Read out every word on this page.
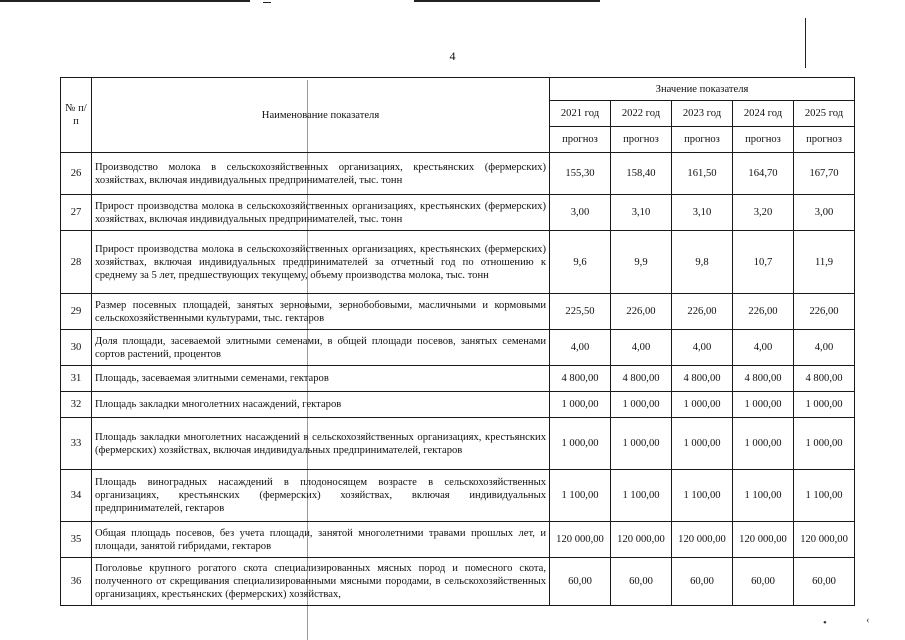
4
№ п/п	Наименование показателя	Значение показателя				
		2021 год	2022 год	2023 год	2024 год	2025 год
		прогноз	прогноз	прогноз	прогноз	прогноз
26	Производство молока в сельскохозяйственных организациях, крестьянских (фермерских) хозяйствах, включая индивидуальных предпринимателей, тыс. тонн	155,30	158,40	161,50	164,70	167,70
27	Прирост производства молока в сельскохозяйственных организациях, крестьянских (фермерских) хозяйствах, включая индивидуальных предпринимателей, тыс. тонн	3,00	3,10	3,10	3,20	3,00
28	Прирост производства молока в сельскохозяйственных организациях, крестьянских (фермерских) хозяйствах, включая индивидуальных предпринимателей за отчетный год по отношению к среднему за 5 лет, предшествующих текущему, объему производства молока, тыс. тонн	9,6	9,9	9,8	10,7	11,9
29	Размер посевных площадей, занятых зерновыми, зернобобовыми, масличными и кормовыми сельскохозяйственными культурами, тыс. гектаров	225,50	226,00	226,00	226,00	226,00
30	Доля площади, засеваемой элитными семенами, в общей площади посевов, занятых семенами сортов растений, процентов	4,00	4,00	4,00	4,00	4,00
31	Площадь, засеваемая элитными семенами, гектаров	4 800,00	4 800,00	4 800,00	4 800,00	4 800,00
32	Площадь закладки многолетних насаждений, гектаров	1 000,00	1 000,00	1 000,00	1 000,00	1 000,00
33	Площадь закладки многолетних насаждений в сельскохозяйственных организациях, крестьянских (фермерских) хозяйствах, включая индивидуальных предпринимателей, гектаров	1 000,00	1 000,00	1 000,00	1 000,00	1 000,00
34	Площадь виноградных насаждений в плодоносящем возрасте в сельскохозяйственных организациях, крестьянских (фермерских) хозяйствах, включая индивидуальных предпринимателей, гектаров	1 100,00	1 100,00	1 100,00	1 100,00	1 100,00
35	Общая площадь посевов, без учета площади, занятой многолетними травами прошлых лет, и площади, занятой гибридами, гектаров	120 000,00	120 000,00	120 000,00	120 000,00	120 000,00
36	Поголовье крупного рогатого скота специализированных мясных пород и помесного скота, полученного от скрещивания специализированными мясными породами, в сельскохозяйственных организациях, крестьянских (фермерских) хозяйствах,	60,00	60,00	60,00	60,00	60,00
•	‹
